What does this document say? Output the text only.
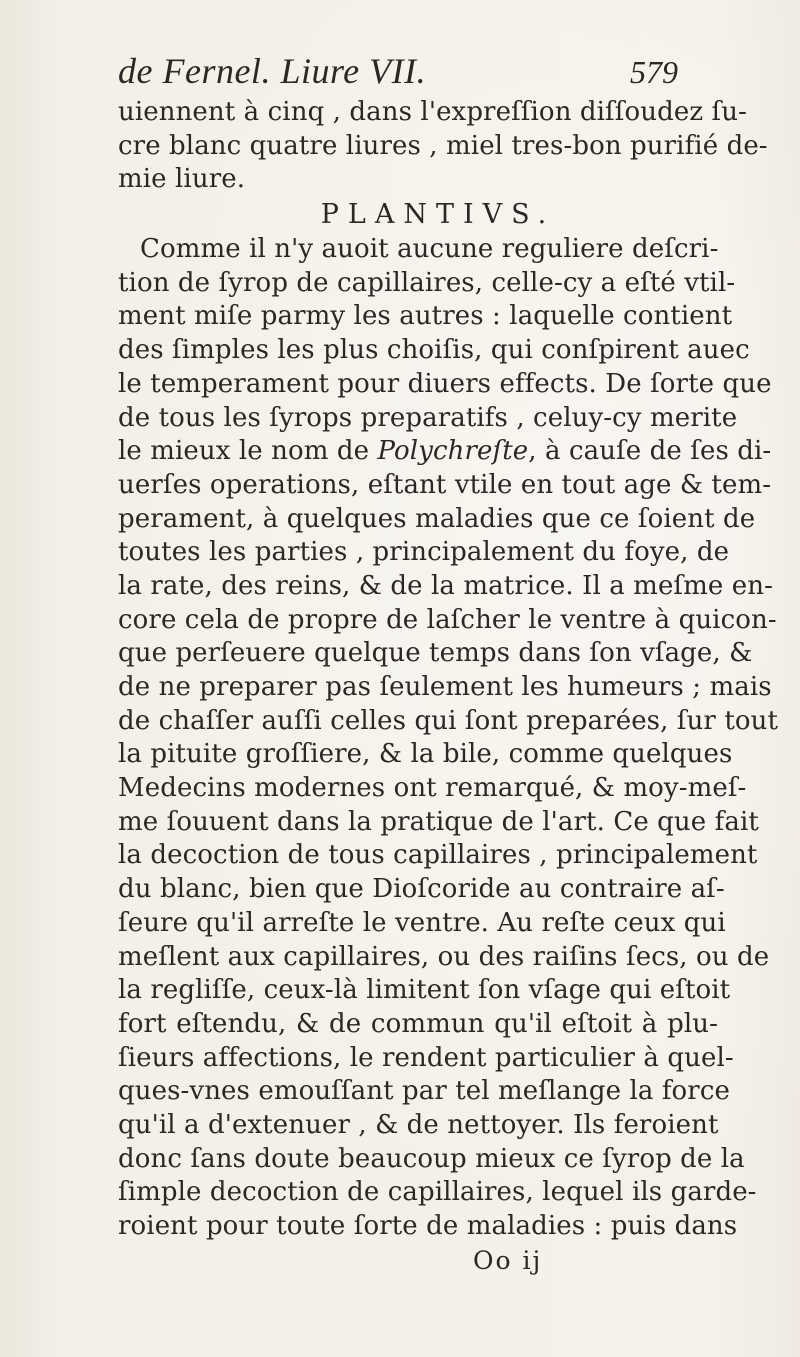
de Fernel. Liure VII.	579
uiennent à cinq , dans l'expreſſion diſſoudez ſu-
cre blanc quatre liures , miel tres-bon purifié de-
mie liure.
PLANTIVS.
Comme il n'y auoit aucune reguliere deſcri-
tion de ſyrop de capillaires, celle-cy a eſté vtil-
ment miſe parmy les autres : laquelle contient
des ſimples les plus choiſis, qui conſpirent auec
le temperament pour diuers effects. De ſorte que
de tous les ſyrops preparatifs , celuy-cy merite
le mieux le nom de Polychreſte, à cauſe de ſes di-
uerſes operations, eſtant vtile en tout age & tem-
perament, à quelques maladies que ce ſoient de
toutes les parties , principalement du foye, de
la rate, des reins, & de la matrice. Il a meſme en-
core cela de propre de laſcher le ventre à quicon-
que perſeuere quelque temps dans ſon vſage, &
de ne preparer pas ſeulement les humeurs ; mais
de chaſſer auſſi celles qui ſont preparées, ſur tout
la pituite groſſiere, & la bile, comme quelques
Medecins modernes ont remarqué, & moy-meſ-
me ſouuent dans la pratique de l'art. Ce que fait
la decoction de tous capillaires , principalement
du blanc, bien que Dioſcoride au contraire aſ-
ſeure qu'il arreſte le ventre. Au reſte ceux qui
meſlent aux capillaires, ou des raiſins ſecs, ou de
la regliſſe, ceux-là limitent ſon vſage qui eſtoit
fort eſtendu, & de commun qu'il eſtoit à plu-
ſieurs affections, le rendent particulier à quel-
ques-vnes emouſſant par tel meſlange la force
qu'il a d'extenuer , & de nettoyer. Ils feroient
donc ſans doute beaucoup mieux ce ſyrop de la
ſimple decoction de capillaires, lequel ils garde-
roient pour toute ſorte de maladies : puis dans
Oo ij
